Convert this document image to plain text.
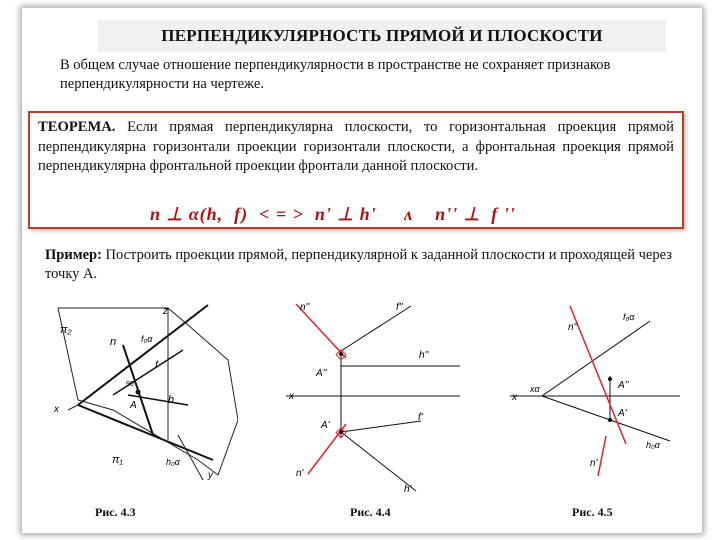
ПЕРПЕНДИКУЛЯРНОСТЬ ПРЯМОЙ И ПЛОСКОСТИ
В общем случае отношение перпендикулярности в пространстве не сохраняет признаков перпендикулярности на чертеже.
ТЕОРЕМА. Если прямая перпендикулярна плоскости, то горизонтальная проекция прямой перпендикулярна горизонтали проекции горизонтали плоскости, а фронтальная проекция прямой перпендикулярна фронтальной проекции фронтали данной плоскости.
n ⊥ α(h,  f)  < = >  n' ⊥ h'     ʌ    n'' ⊥  f ''
Пример: Построить проекции прямой, перпендикулярной к заданной плоскости и проходящей через точку A.
z
π₂
n	f₀α
f
90°
A	h
x
π₁	h₀α
y
Рис. 4.3
n''	f''
h''
A''
x
A'
f'
n'
h'
Рис. 4.4
n''
f₀α
xα
x
A''
A'
n'
h₀α
Рис. 4.5
